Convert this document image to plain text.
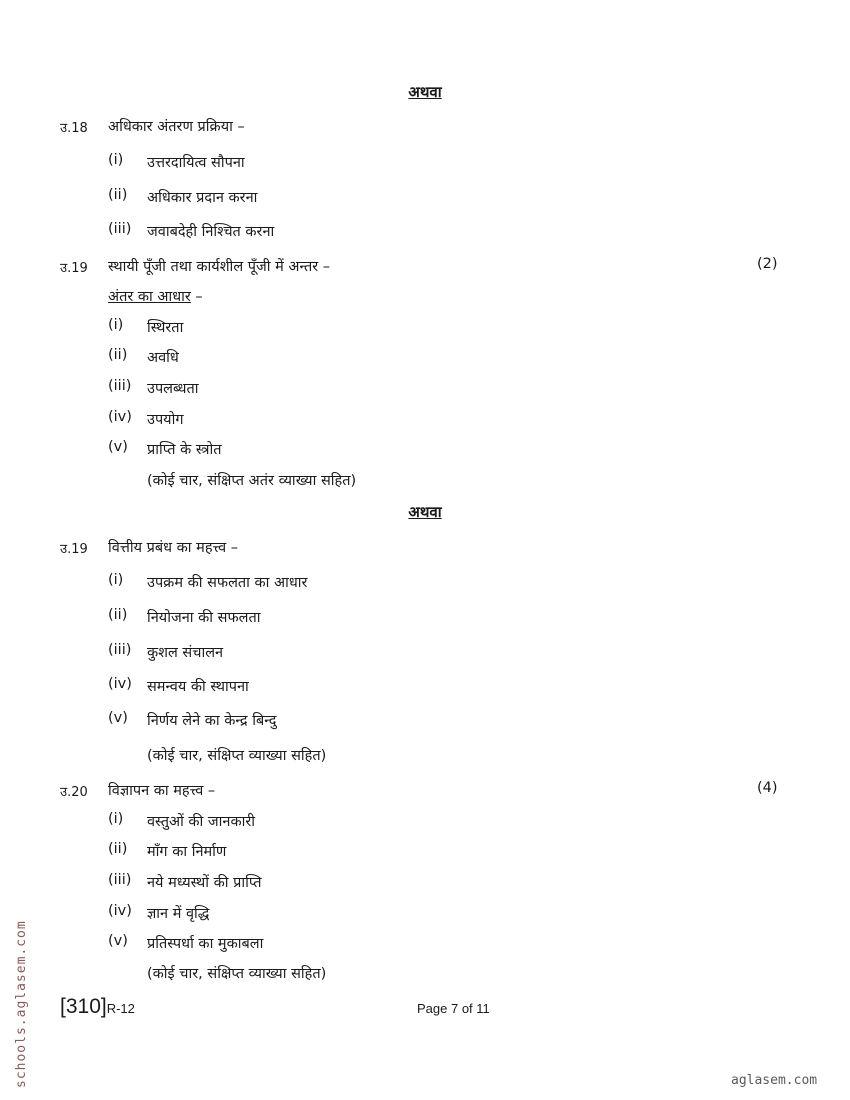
अथवा
उ.18 अधिकार अंतरण प्रक्रिया –
(i) उत्तरदायित्व सौपना
(ii) अधिकार प्रदान करना
(iii) जवाबदेही निश्चित करना
उ.19 स्थायी पूँजी तथा कार्यशील पूँजी में अन्तर –	(2)
अंतर का आधार –
(i) स्थिरता
(ii) अवधि
(iii) उपलब्धता
(iv) उपयोग
(v) प्राप्ति के स्त्रोत
(कोई चार, संक्षिप्त अतंर व्याख्या सहित)
अथवा
उ.19 वित्तीय प्रबंध का महत्त्व –
(i) उपक्रम की सफलता का आधार
(ii) नियोजना की सफलता
(iii) कुशल संचालन
(iv) समन्वय की स्थापना
(v) निर्णय लेने का केन्द्र बिन्दु
(कोई चार, संक्षिप्त व्याख्या सहित)
उ.20 विज्ञापन का महत्त्व –	(4)
(i) वस्तुओं की जानकारी
(ii) माँग का निर्माण
(iii) नये मध्यस्थों की प्राप्ति
(iv) ज्ञान में वृद्धि
(v) प्रतिस्पर्धा का मुकाबला
(कोई चार, संक्षिप्त व्याख्या सहित)
[310]R-12	Page 7 of 11
aglasem.com
schools.aglasem.com
